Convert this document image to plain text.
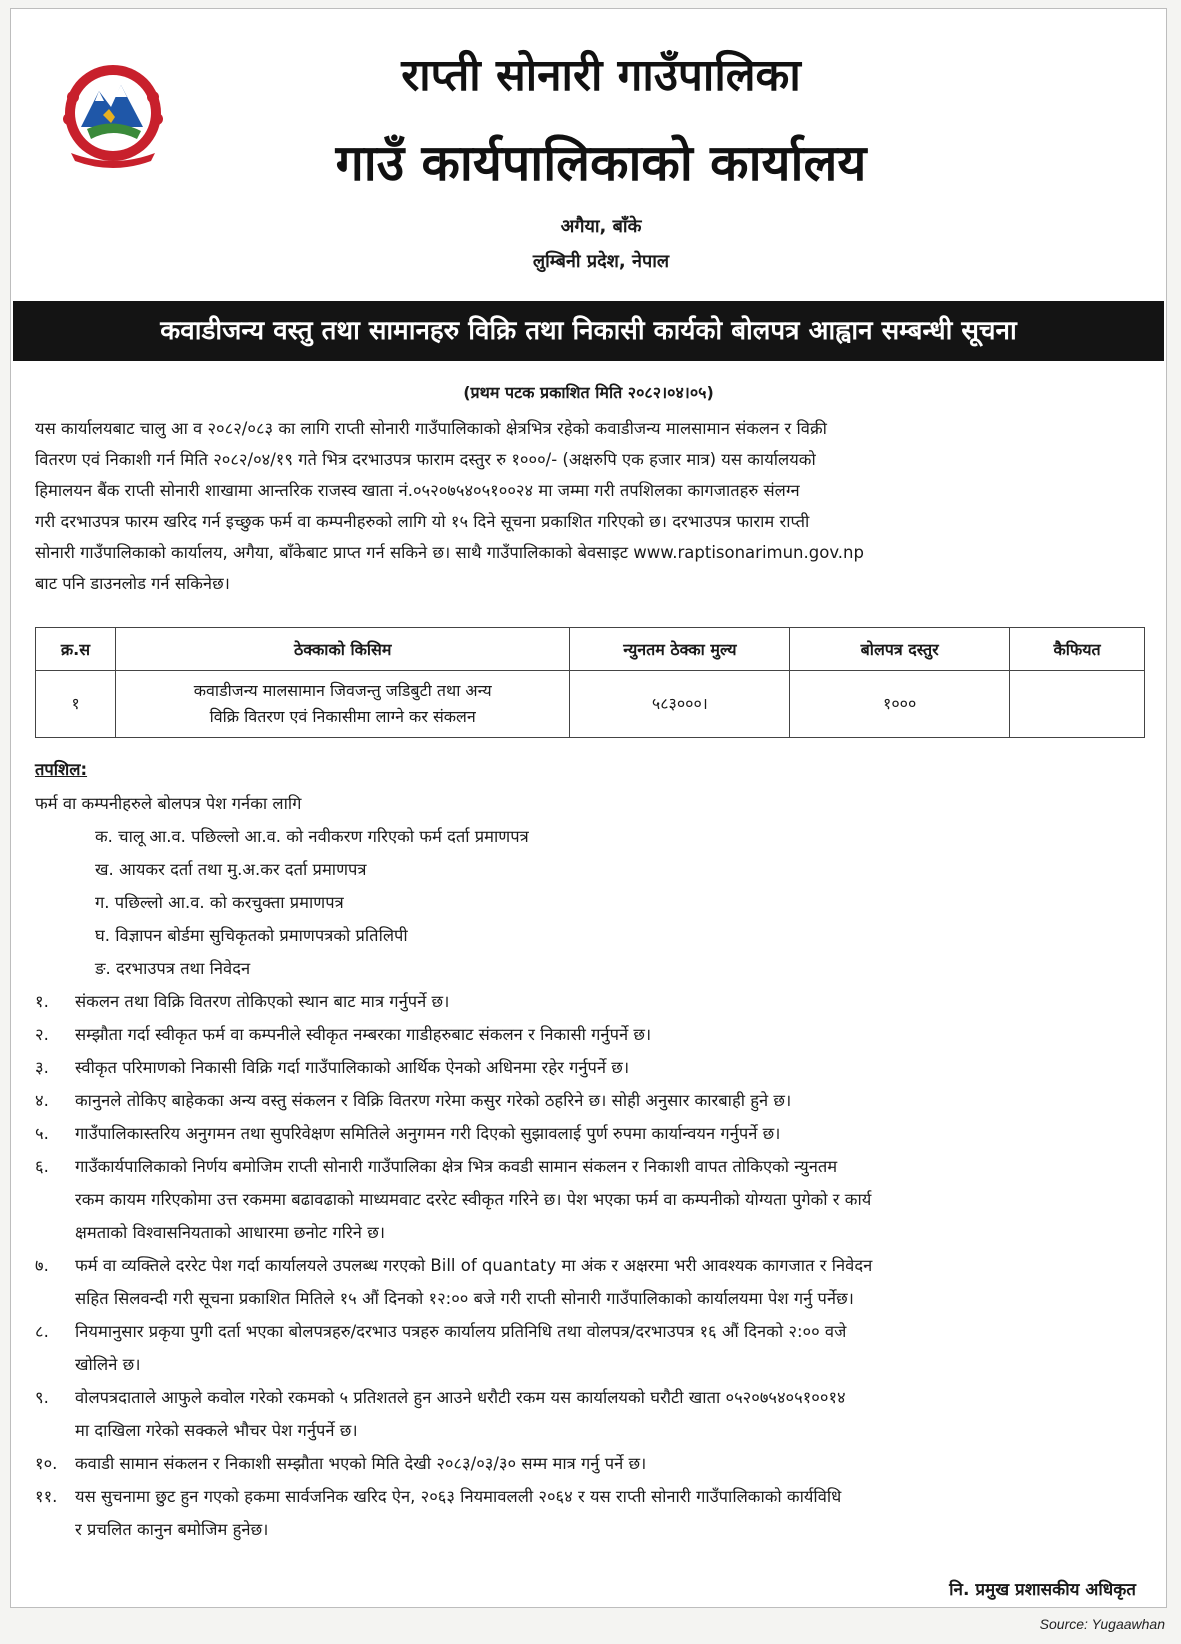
राप्ती सोनारी गाउँपालिका
गाउँ कार्यपालिकाको कार्यालय
अगैया, बाँके
लुम्बिनी प्रदेश, नेपाल
कवाडीजन्य वस्तु तथा सामानहरु विक्रि तथा निकासी कार्यको बोलपत्र आह्वान सम्बन्धी सूचना
(प्रथम पटक प्रकाशित मिति २०८२।०४।०५)
यस कार्यालयबाट चालु आ व २०८२/०८३ का लागि राप्ती सोनारी गाउँपालिकाको क्षेत्रभित्र रहेको कवाडीजन्य मालसामान संकलन र विक्री
वितरण एवं निकाशी गर्न मिति २०८२/०४/१९ गते भित्र दरभाउपत्र फाराम दस्तुर रु १०००/- (अक्षरुपि एक हजार मात्र) यस कार्यालयको
हिमालयन बैंक राप्ती सोनारी शाखामा आन्तरिक राजस्व खाता नं.०५२०७५४०५१००२४ मा जम्मा गरी तपशिलका कागजातहरु संलग्न
गरी दरभाउपत्र फारम खरिद गर्न इच्छुक फर्म वा कम्पनीहरुको लागि यो १५ दिने सूचना प्रकाशित गरिएको छ। दरभाउपत्र फाराम राप्ती
सोनारी गाउँपालिकाको कार्यालय, अगैया, बाँकेबाट प्राप्त गर्न सकिने छ। साथै गाउँपालिकाको बेवसाइट www.raptisonarimun.gov.np
बाट पनि डाउनलोड गर्न सकिनेछ।
क्र.स	ठेक्काको किसिम	न्युनतम ठेक्का मुल्य	बोलपत्र दस्तुर	कैफियत
१	कवाडीजन्य मालसामान जिवजन्तु जडिबुटी तथा अन्य
विक्रि वितरण एवं निकासीमा लाग्ने कर संकलन	५८३०००।	१०००	
तपशिल:
फर्म वा कम्पनीहरुले बोलपत्र पेश गर्नका लागि
क. चालू आ.व. पछिल्लो आ.व. को नवीकरण गरिएको फर्म दर्ता प्रमाणपत्र
ख. आयकर दर्ता तथा मु.अ.कर दर्ता प्रमाणपत्र
ग. पछिल्लो आ.व. को करचुक्ता प्रमाणपत्र
घ. विज्ञापन बोर्डमा सुचिकृतको प्रमाणपत्रको प्रतिलिपी
ङ. दरभाउपत्र तथा निवेदन
१. संकलन तथा विक्रि वितरण तोकिएको स्थान बाट मात्र गर्नुपर्ने छ।
२. सम्झौता गर्दा स्वीकृत फर्म वा कम्पनीले स्वीकृत नम्बरका गाडीहरुबाट संकलन र निकासी गर्नुपर्ने छ।
३. स्वीकृत परिमाणको निकासी विक्रि गर्दा गाउँपालिकाको आर्थिक ऐनको अधिनमा रहेर गर्नुपर्ने छ।
४. कानुनले तोकिए बाहेकका अन्य वस्तु संकलन र विक्रि वितरण गरेमा कसुर गरेको ठहरिने छ। सोही अनुसार कारबाही हुने छ।
५. गाउँपालिकास्तरिय अनुगमन तथा सुपरिवेक्षण समितिले अनुगमन गरी दिएको सुझावलाई पुर्ण रुपमा कार्यान्वयन गर्नुपर्ने छ।
६. गाउँकार्यपालिकाको निर्णय बमोजिम राप्ती सोनारी गाउँपालिका क्षेत्र भित्र कवडी सामान संकलन र निकाशी वापत तोकिएको न्युनतम
रकम कायम गरिएकोमा उत्त रकममा बढावढाको माध्यमवाट दररेट स्वीकृत गरिने छ। पेश भएका फर्म वा कम्पनीको योग्यता पुगेको र कार्य
क्षमताको विश्वासनियताको आधारमा छनोट गरिने छ।
७. फर्म वा व्यक्तिले दररेट पेश गर्दा कार्यालयले उपलब्ध गरएको Bill of quantaty मा अंक र अक्षरमा भरी आवश्यक कागजात र निवेदन
सहित सिलवन्दी गरी सूचना प्रकाशित मितिले १५ औं दिनको १२:०० बजे गरी राप्ती सोनारी गाउँपालिकाको कार्यालयमा पेश गर्नु पर्नेछ।
८. नियमानुसार प्रकृया पुगी दर्ता भएका बोलपत्रहरु/दरभाउ पत्रहरु कार्यालय प्रतिनिधि तथा वोलपत्र/दरभाउपत्र १६ औं दिनको २:०० वजे
खोलिने छ।
९. वोलपत्रदाताले आफुले कवोल गरेको रकमको ५ प्रतिशतले हुन आउने धरौटी रकम यस कार्यालयको घरौटी खाता ०५२०७५४०५१००१४
मा दाखिला गरेको सक्कले भौचर पेश गर्नुपर्ने छ।
१०. कवाडी सामान संकलन र निकाशी सम्झौता भएको मिति देखी २०८३/०३/३० सम्म मात्र गर्नु पर्ने छ।
११. यस सुचनामा छुट हुन गएको हकमा सार्वजनिक खरिद ऐन, २०६३ नियमावलली २०६४ र यस राप्ती सोनारी गाउँपालिकाको कार्यविधि
र प्रचलित कानुन बमोजिम हुनेछ।
नि. प्रमुख प्रशासकीय अधिकृत
Source: Yugaawhan
